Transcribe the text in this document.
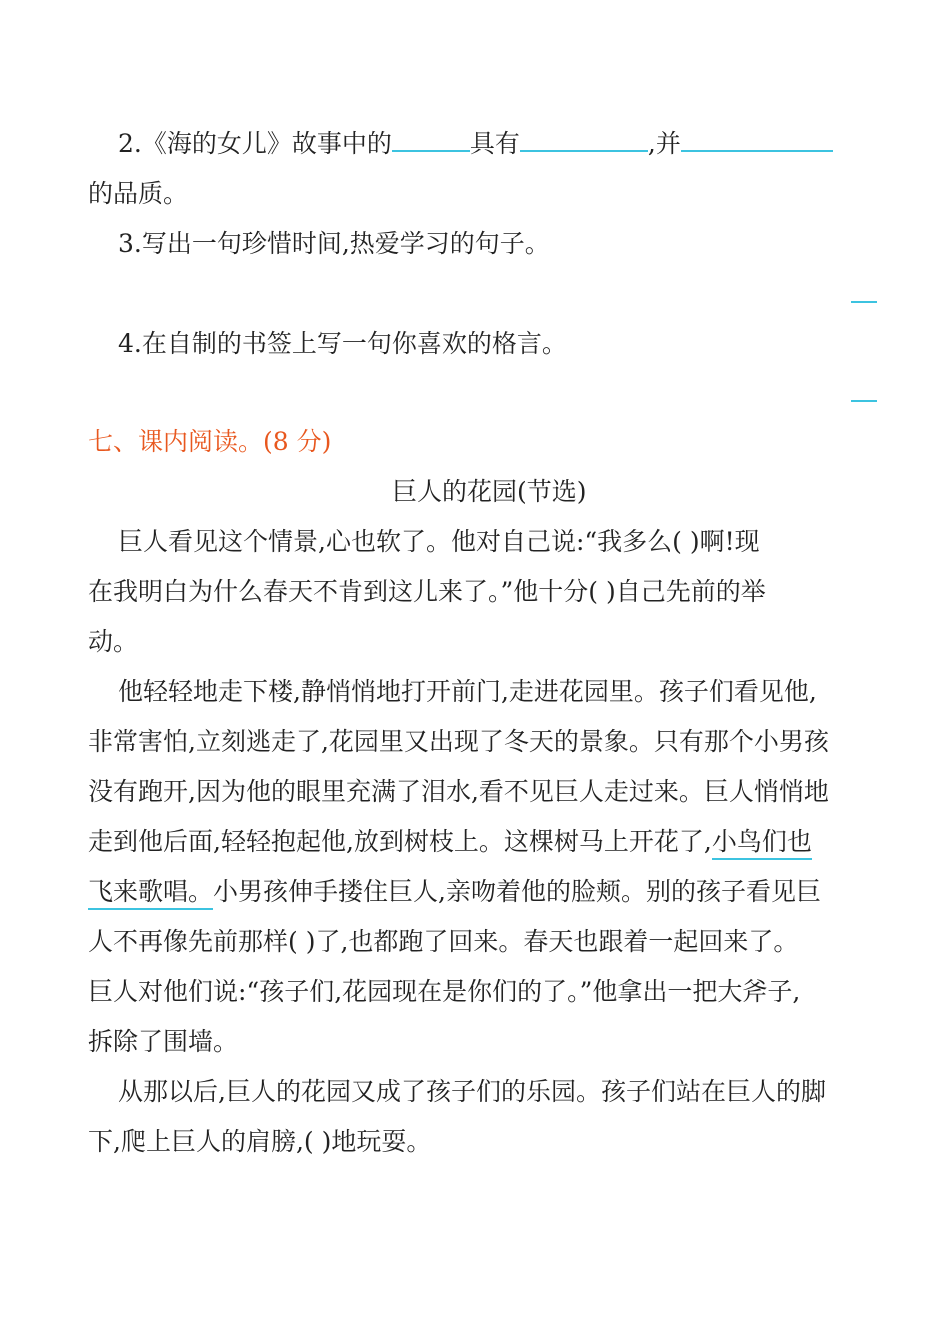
2.《海的女儿》故事中的	具有	,并
的品质。
3.写出一句珍惜时间,热爱学习的句子。
4.在自制的书签上写一句你喜欢的格言。
七、课内阅读。(8 分)
巨人的花园(节选)
巨人看见这个情景,心也软了。他对自己说:“我多么( )啊!现
在我明白为什么春天不肯到这儿来了。”他十分( )自己先前的举
动。
他轻轻地走下楼,静悄悄地打开前门,走进花园里。孩子们看见他,
非常害怕,立刻逃走了,花园里又出现了冬天的景象。只有那个小男孩
没有跑开,因为他的眼里充满了泪水,看不见巨人走过来。巨人悄悄地
走到他后面,轻轻抱起他,放到树枝上。这棵树马上开花了,小鸟们也
飞来歌唱。小男孩伸手搂住巨人,亲吻着他的脸颊。别的孩子看见巨
人不再像先前那样( )了,也都跑了回来。春天也跟着一起回来了。
巨人对他们说:“孩子们,花园现在是你们的了。”他拿出一把大斧子,
拆除了围墙。
从那以后,巨人的花园又成了孩子们的乐园。孩子们站在巨人的脚
下,爬上巨人的肩膀,( )地玩耍。
